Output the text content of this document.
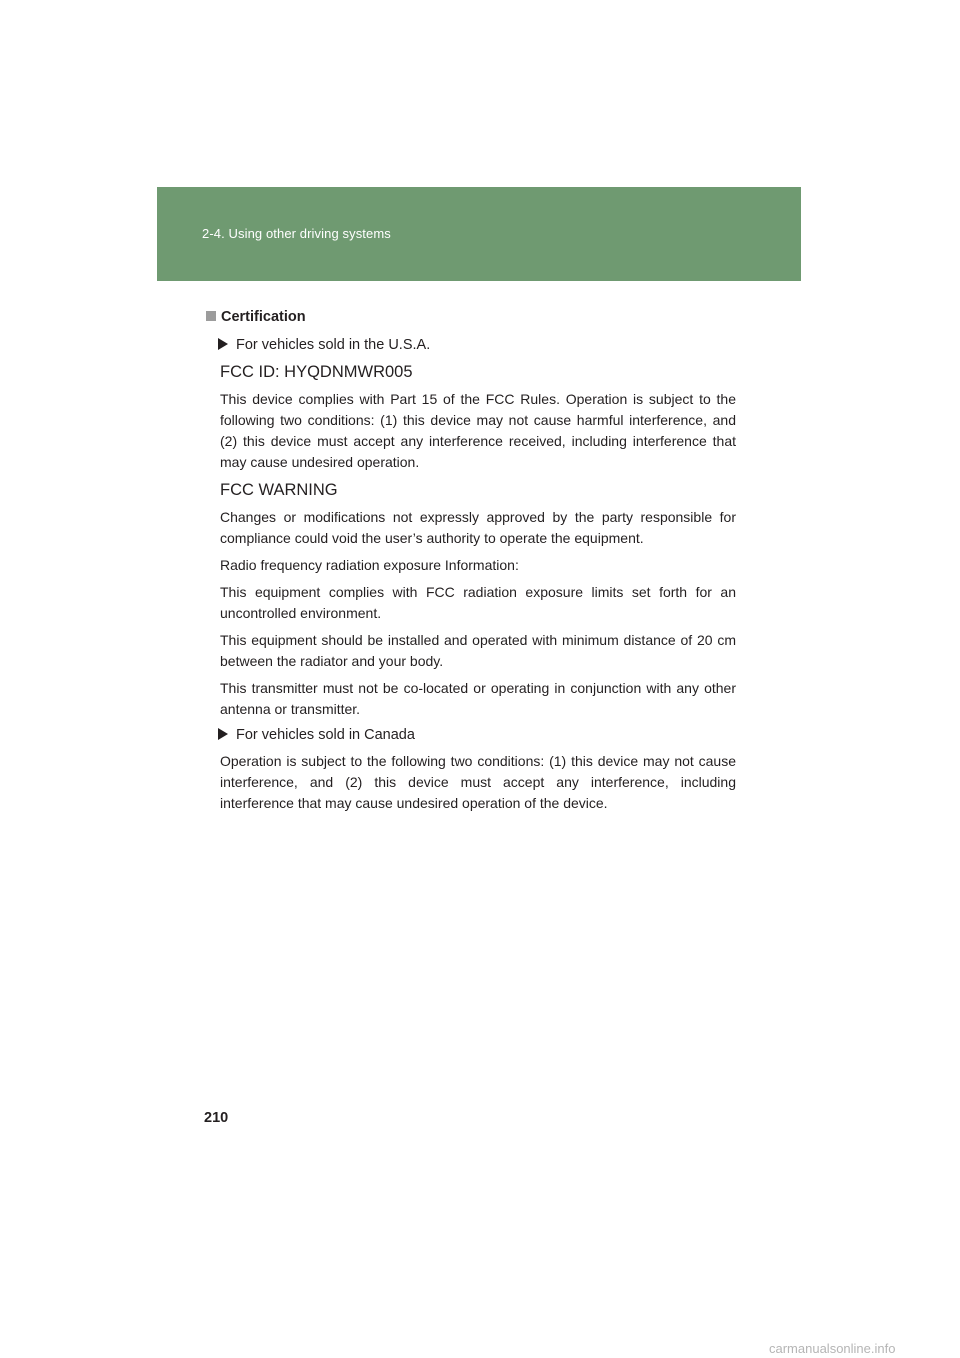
2-4. Using other driving systems
Certification
For vehicles sold in the U.S.A.
FCC ID: HYQDNMWR005
This device complies with Part 15 of the FCC Rules. Operation is subject to the following two conditions: (1) this device may not cause harmful interference, and (2) this device must accept any interference received, including interference that may cause undesired operation.
FCC WARNING
Changes or modifications not expressly approved by the party responsible for compliance could void the user’s authority to operate the equipment.
Radio frequency radiation exposure Information:
This equipment complies with FCC radiation exposure limits set forth for an uncontrolled environment.
This equipment should be installed and operated with minimum distance of 20 cm between the radiator and your body.
This transmitter must not be co-located or operating in conjunction with any other antenna or transmitter.
For vehicles sold in Canada
Operation is subject to the following two conditions: (1) this device may not cause interference, and (2) this device must accept any interference, including interference that may cause undesired operation of the device.
210
carmanualsonline.info
